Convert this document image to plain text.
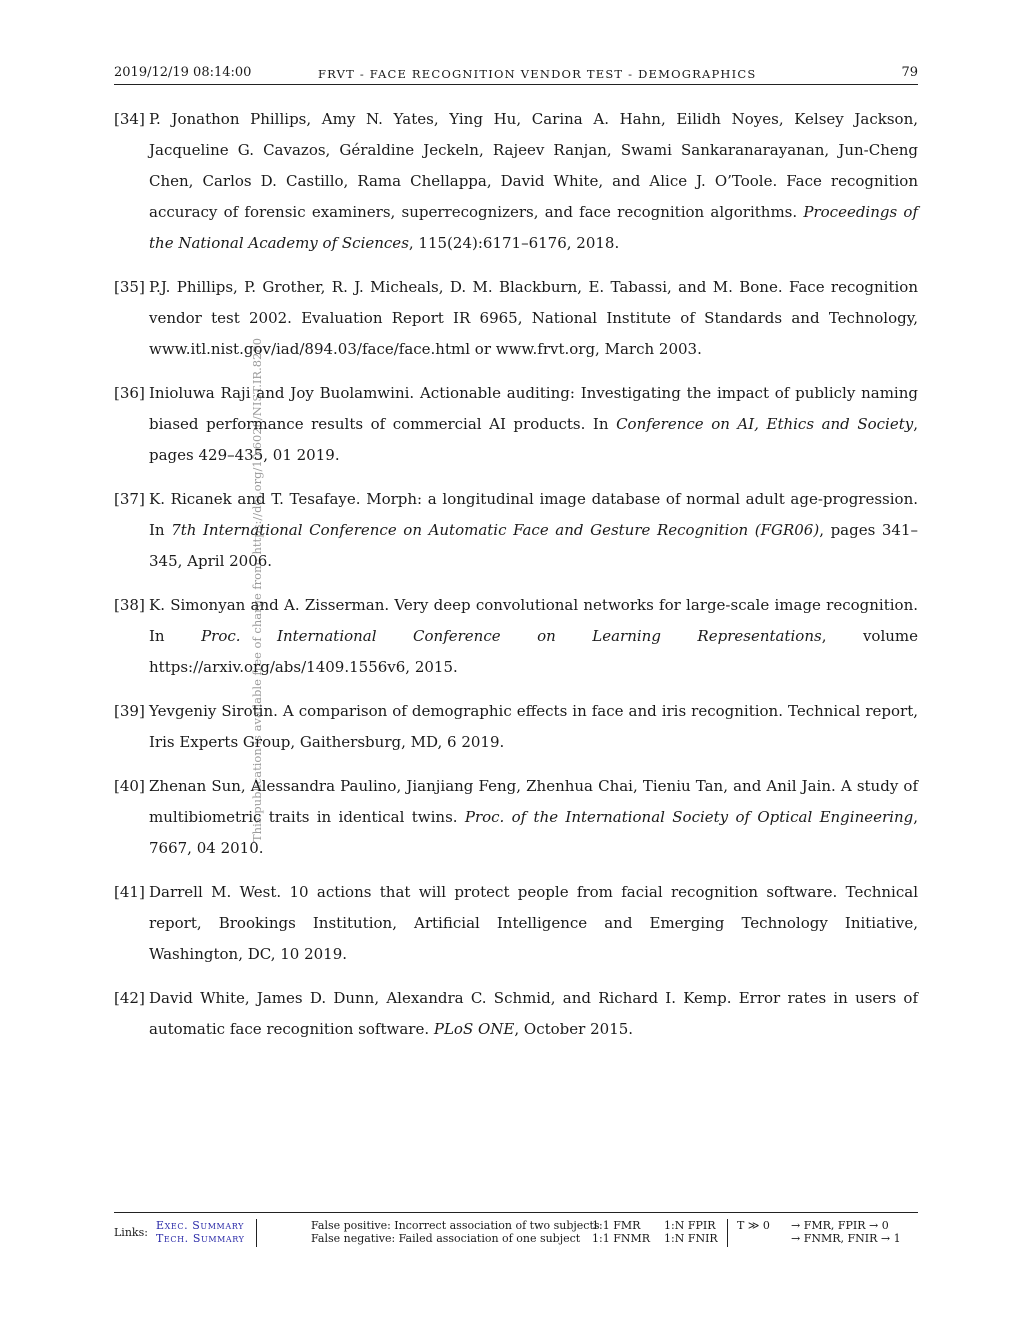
2019/12/19 08:14:00	FRVT - FACE RECOGNITION VENDOR TEST - DEMOGRAPHICS	79
This publication is available free of charge from: https://doi.org/10.6028/NIST.IR.8280
[34] P. Jonathon Phillips, Amy N. Yates, Ying Hu, Carina A. Hahn, Eilidh Noyes, Kelsey Jackson, Jacqueline G. Cavazos, Géraldine Jeckeln, Rajeev Ranjan, Swami Sankaranarayanan, Jun-Cheng Chen, Carlos D. Castillo, Rama Chellappa, David White, and Alice J. O’Toole. Face recognition accuracy of forensic examiners, superrecognizers, and face recognition algorithms. Proceedings of the National Academy of Sciences, 115(24):6171–6176, 2018.
[35] P.J. Phillips, P. Grother, R. J. Micheals, D. M. Blackburn, E. Tabassi, and M. Bone. Face recognition vendor test 2002. Evaluation Report IR 6965, National Institute of Standards and Technology, www.itl.nist.gov/iad/894.03/face/face.html or www.frvt.org, March 2003.
[36] Inioluwa Raji and Joy Buolamwini. Actionable auditing: Investigating the impact of publicly naming biased performance results of commercial AI products. In Conference on AI, Ethics and Society, pages 429–435, 01 2019.
[37] K. Ricanek and T. Tesafaye. Morph: a longitudinal image database of normal adult age-progression. In 7th International Conference on Automatic Face and Gesture Recognition (FGR06), pages 341–345, April 2006.
[38] K. Simonyan and A. Zisserman. Very deep convolutional networks for large-scale image recognition. In Proc. International Conference on Learning Representations, volume https://arxiv.org/abs/1409.1556v6, 2015.
[39] Yevgeniy Sirotin. A comparison of demographic effects in face and iris recognition. Technical report, Iris Experts Group, Gaithersburg, MD, 6 2019.
[40] Zhenan Sun, Alessandra Paulino, Jianjiang Feng, Zhenhua Chai, Tieniu Tan, and Anil Jain. A study of multibiometric traits in identical twins. Proc. of the International Society of Optical Engineering, 7667, 04 2010.
[41] Darrell M. West. 10 actions that will protect people from facial recognition software. Technical report, Brookings Institution, Artificial Intelligence and Emerging Technology Initiative, Washington, DC, 10 2019.
[42] David White, James D. Dunn, Alexandra C. Schmid, and Richard I. Kemp. Error rates in users of automatic face recognition software. PLoS ONE, October 2015.
Links:
Exec. Summary
Tech. Summary
False positive: Incorrect association of two subjects
False negative: Failed association of one subject
1:1 FMR
1:1 FNMR
1:N FPIR
1:N FNIR
T ≫ 0 → FMR, FPIR → 0
→ FNMR, FNIR → 1
